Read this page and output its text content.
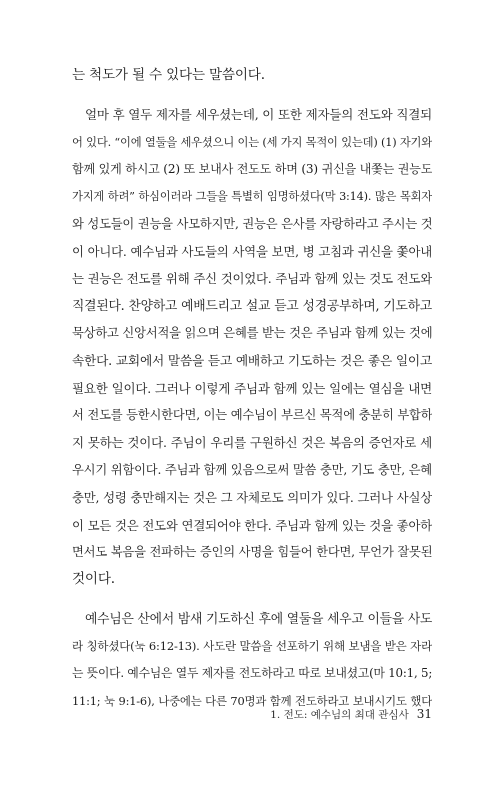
는 척도가 될 수 있다는 말씀이다.
얼마 후 열두 제자를 세우셨는데, 이 또한 제자들의 전도와 직결되
어 있다. “이에 열둘을 세우셨으니 이는 (세 가지 목적이 있는데) (1) 자기와
함께 있게 하시고 (2) 또 보내사 전도도 하며 (3) 귀신을 내쫓는 권능도
가지게 하려” 하심이러라 그들을 특별히 임명하셨다(막 3:14). 많은 목회자
와 성도들이 권능을 사모하지만, 권능은 은사를 자랑하라고 주시는 것
이 아니다. 예수님과 사도들의 사역을 보면, 병 고침과 귀신을 쫓아내
는 권능은 전도를 위해 주신 것이었다. 주님과 함께 있는 것도 전도와
직결된다. 찬양하고 예배드리고 설교 듣고 성경공부하며, 기도하고
묵상하고 신앙서적을 읽으며 은혜를 받는 것은 주님과 함께 있는 것에
속한다. 교회에서 말씀을 듣고 예배하고 기도하는 것은 좋은 일이고
필요한 일이다. 그러나 이렇게 주님과 함께 있는 일에는 열심을 내면
서 전도를 등한시한다면, 이는 예수님이 부르신 목적에 충분히 부합하
지 못하는 것이다. 주님이 우리를 구원하신 것은 복음의 증언자로 세
우시기 위함이다. 주님과 함께 있음으로써 말씀 충만, 기도 충만, 은혜
충만, 성령 충만해지는 것은 그 자체로도 의미가 있다. 그러나 사실상
이 모든 것은 전도와 연결되어야 한다. 주님과 함께 있는 것을 좋아하
면서도 복음을 전파하는 증인의 사명을 힘들어 한다면, 무언가 잘못된
것이다.
예수님은 산에서 밤새 기도하신 후에 열둘을 세우고 이들을 사도
라 칭하셨다(눅 6:12-13). 사도란 말씀을 선포하기 위해 보냄을 받은 자라
는 뜻이다. 예수님은 열두 제자를 전도하라고 따로 보내셨고(마 10:1, 5;
11:1; 눅 9:1-6), 나중에는 다른 70명과 함께 전도하라고 보내시기도 했다
1. 전도: 예수님의 최대 관심사 31
